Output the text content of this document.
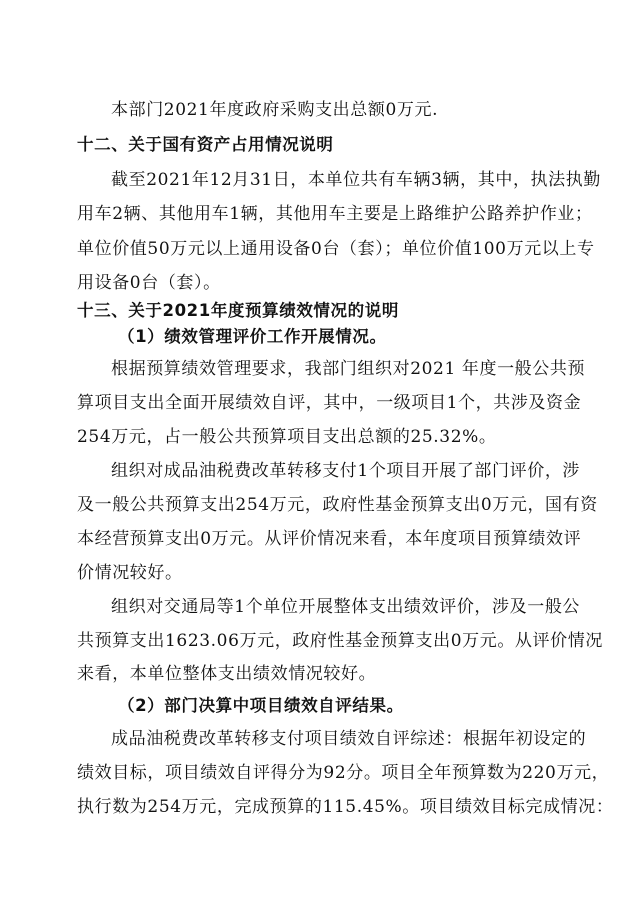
本部门2021年度政府采购支出总额0万元.
十二、关于国有资产占用情况说明
截至2021年12月31日，本单位共有车辆3辆，其中，执法执勤
用车2辆、其他用车1辆，其他用车主要是上路维护公路养护作业；
单位价值50万元以上通用设备0台（套）；单位价值100万元以上专
用设备0台（套）。
十三、关于2021年度预算绩效情况的说明
（1）绩效管理评价工作开展情况。
根据预算绩效管理要求，我部门组织对2021 年度一般公共预
算项目支出全面开展绩效自评，其中，一级项目1个，共涉及资金
254万元，占一般公共预算项目支出总额的25.32%。
组织对成品油税费改革转移支付1个项目开展了部门评价，涉
及一般公共预算支出254万元，政府性基金预算支出0万元，国有资
本经营预算支出0万元。从评价情况来看，本年度项目预算绩效评
价情况较好。
组织对交通局等1个单位开展整体支出绩效评价，涉及一般公
共预算支出1623.06万元，政府性基金预算支出0万元。从评价情况
来看，本单位整体支出绩效情况较好。
（2）部门决算中项目绩效自评结果。
成品油税费改革转移支付项目绩效自评综述：根据年初设定的
绩效目标，项目绩效自评得分为92分。项目全年预算数为220万元，
执行数为254万元，完成预算的115.45%。项目绩效目标完成情况：
